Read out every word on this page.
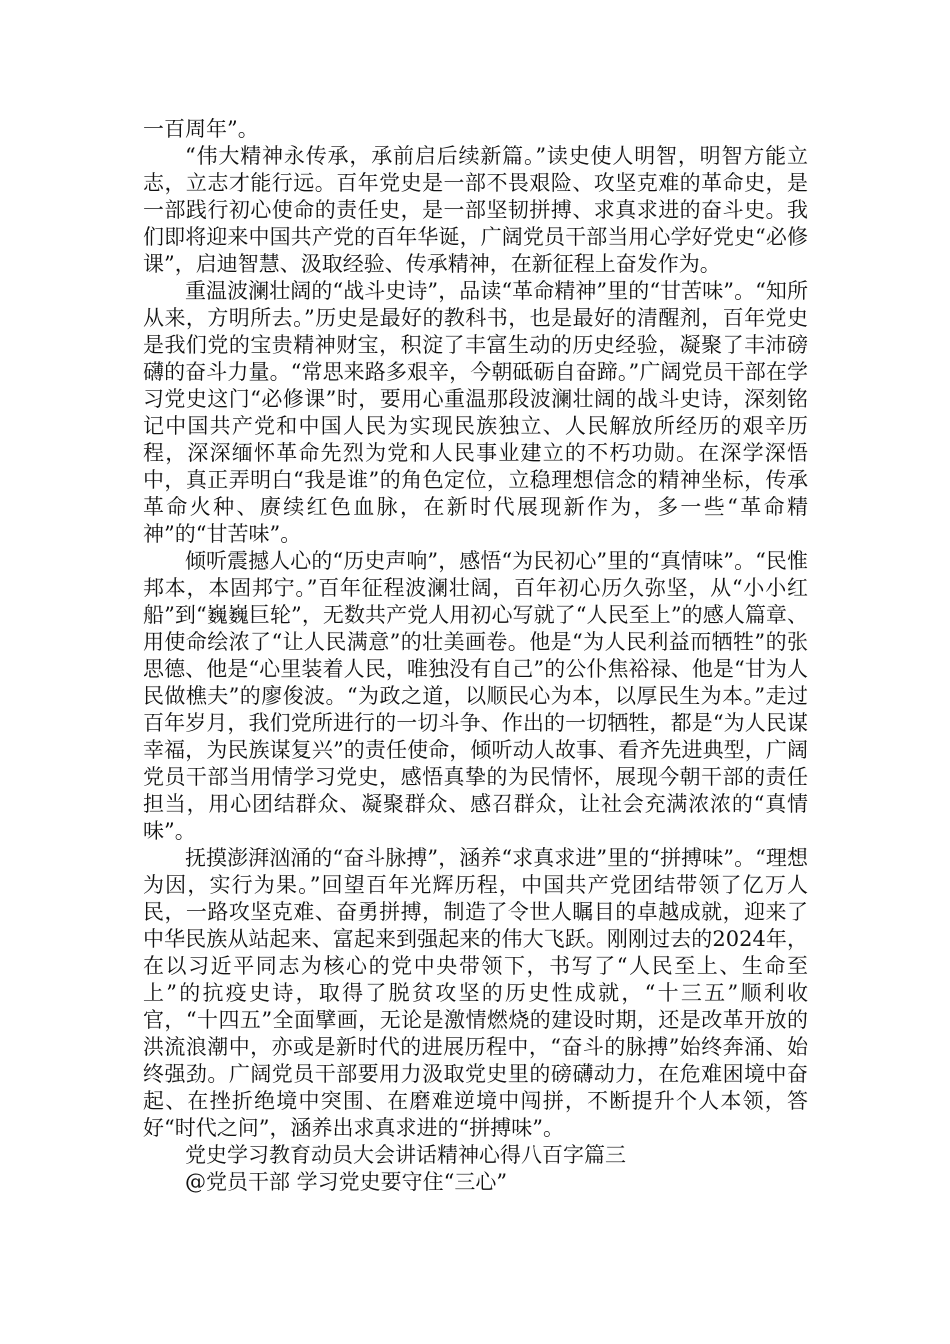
一百周年”。

“伟大精神永传承，承前启后续新篇。”读史使人明智，明智方能立志，立志才能行远。百年党史是一部不畏艰险、攻坚克难的革命史，是一部践行初心使命的责任史，是一部坚韧拼搏、求真求进的奋斗史。我们即将迎来中国共产党的百年华诞，广阔党员干部当用心学好党史“必修课”，启迪智慧、汲取经验、传承精神，在新征程上奋发作为。

重温波澜壮阔的“战斗史诗”，品读“革命精神”里的“甘苦味”。“知所从来，方明所去。”历史是最好的教科书，也是最好的清醒剂，百年党史是我们党的宝贵精神财宝，积淀了丰富生动的历史经验，凝聚了丰沛磅礴的奋斗力量。“常思来路多艰辛，今朝砥砺自奋蹄。”广阔党员干部在学习党史这门“必修课”时，要用心重温那段波澜壮阔的战斗史诗，深刻铭记中国共产党和中国人民为实现民族独立、人民解放所经历的艰辛历程，深深缅怀革命先烈为党和人民事业建立的不朽功勋。在深学深悟中，真正弄明白“我是谁”的角色定位，立稳理想信念的精神坐标，传承革命火种、赓续红色血脉，在新时代展现新作为，多一些“革命精神”的“甘苦味”。

倾听震撼人心的“历史声响”，感悟“为民初心”里的“真情味”。“民惟邦本，本固邦宁。”百年征程波澜壮阔，百年初心历久弥坚，从“小小红船”到“巍巍巨轮”，无数共产党人用初心写就了“人民至上”的感人篇章、用使命绘浓了“让人民满意”的壮美画卷。他是“为人民利益而牺牲”的张思德、他是“心里装着人民，唯独没有自己”的公仆焦裕禄、他是“甘为人民做樵夫”的廖俊波。“为政之道，以顺民心为本，以厚民生为本。”走过百年岁月，我们党所进行的一切斗争、作出的一切牺牲，都是“为人民谋幸福，为民族谋复兴”的责任使命，倾听动人故事、看齐先进典型，广阔党员干部当用情学习党史，感悟真挚的为民情怀，展现今朝干部的责任担当，用心团结群众、凝聚群众、感召群众，让社会充满浓浓的“真情味”。

抚摸澎湃汹涌的“奋斗脉搏”，涵养“求真求进”里的“拼搏味”。“理想为因，实行为果。”回望百年光辉历程，中国共产党团结带领了亿万人民，一路攻坚克难、奋勇拼搏，制造了令世人瞩目的卓越成就，迎来了中华民族从站起来、富起来到强起来的伟大飞跃。刚刚过去的2024年，在以习近平同志为核心的党中央带领下，书写了“人民至上、生命至上”的抗疫史诗，取得了脱贫攻坚的历史性成就，“十三五”顺利收官，“十四五”全面擘画，无论是激情燃烧的建设时期，还是改革开放的洪流浪潮中，亦或是新时代的进展历程中，“奋斗的脉搏”始终奔涌、始终强劲。广阔党员干部要用力汲取党史里的磅礴动力，在危难困境中奋起、在挫折绝境中突围、在磨难逆境中闯拼，不断提升个人本领，答好“时代之问”，涵养出求真求进的“拼搏味”。

党史学习教育动员大会讲话精神心得八百字篇三

@党员干部 学习党史要守住“三心”
